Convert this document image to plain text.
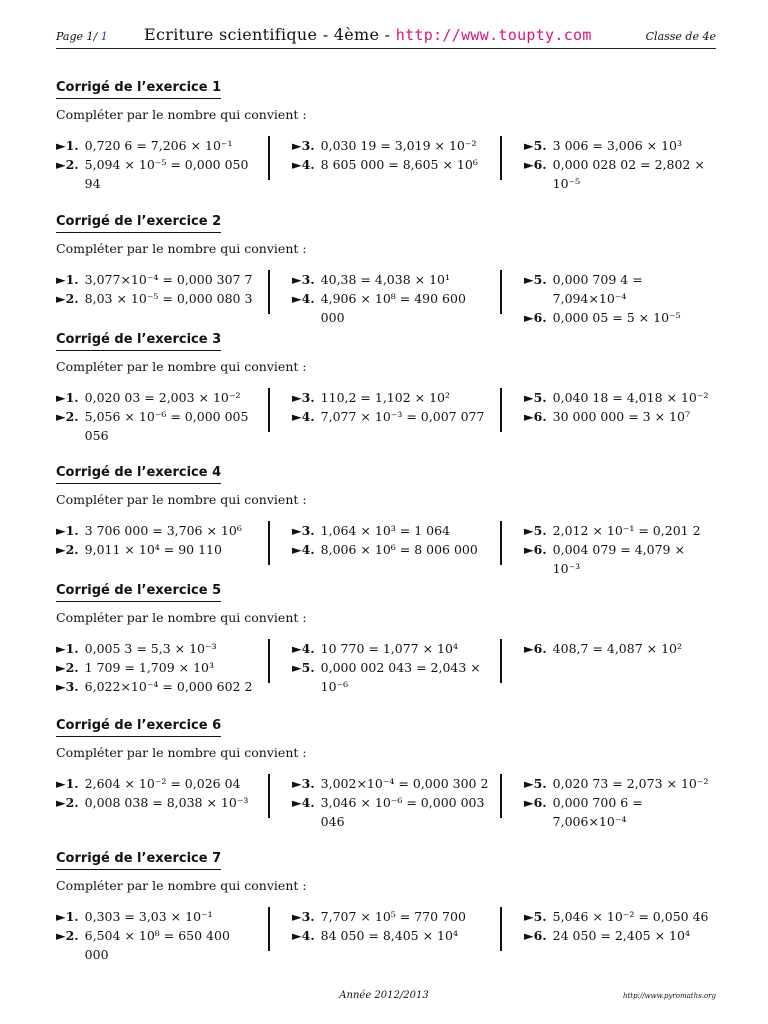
Page 1/ 1 Ecriture scientifique - 4ème - http://www.toupty.com	Classe de 4e
Corrigé de l’exercice 1
Compléter par le nombre qui convient :
►1. 0,720 6 = 7,206 × 10⁻¹
►2. 5,094 × 10⁻⁵ = 0,000 050 94
►3. 0,030 19 = 3,019 × 10⁻²
►4. 8 605 000 = 8,605 × 10⁶
►5. 3 006 = 3,006 × 10³
►6. 0,000 028 02 = 2,802 × 10⁻⁵
Corrigé de l’exercice 2
Compléter par le nombre qui convient :
►1. 3,077×10⁻⁴ = 0,000 307 7
►2. 8,03 × 10⁻⁵ = 0,000 080 3
►3. 40,38 = 4,038 × 10¹
►4. 4,906 × 10⁸ = 490 600 000
►5. 0,000 709 4 = 7,094×10⁻⁴
►6. 0,000 05 = 5 × 10⁻⁵
Corrigé de l’exercice 3
Compléter par le nombre qui convient :
►1. 0,020 03 = 2,003 × 10⁻²
►2. 5,056 × 10⁻⁶ = 0,000 005 056
►3. 110,2 = 1,102 × 10²
►4. 7,077 × 10⁻³ = 0,007 077
►5. 0,040 18 = 4,018 × 10⁻²
►6. 30 000 000 = 3 × 10⁷
Corrigé de l’exercice 4
Compléter par le nombre qui convient :
►1. 3 706 000 = 3,706 × 10⁶
►2. 9,011 × 10⁴ = 90 110
►3. 1,064 × 10³ = 1 064
►4. 8,006 × 10⁶ = 8 006 000
►5. 2,012 × 10⁻¹ = 0,201 2
►6. 0,004 079 = 4,079 × 10⁻³
Corrigé de l’exercice 5
Compléter par le nombre qui convient :
►1. 0,005 3 = 5,3 × 10⁻³
►2. 1 709 = 1,709 × 10³
►3. 6,022×10⁻⁴ = 0,000 602 2
►4. 10 770 = 1,077 × 10⁴
►5. 0,000 002 043 = 2,043 × 10⁻⁶
►6. 408,7 = 4,087 × 10²
Corrigé de l’exercice 6
Compléter par le nombre qui convient :
►1. 2,604 × 10⁻² = 0,026 04
►2. 0,008 038 = 8,038 × 10⁻³
►3. 3,002×10⁻⁴ = 0,000 300 2
►4. 3,046 × 10⁻⁶ = 0,000 003 046
►5. 0,020 73 = 2,073 × 10⁻²
►6. 0,000 700 6 = 7,006×10⁻⁴
Corrigé de l’exercice 7
Compléter par le nombre qui convient :
►1. 0,303 = 3,03 × 10⁻¹
►2. 6,504 × 10⁸ = 650 400 000
►3. 7,707 × 10⁵ = 770 700
►4. 84 050 = 8,405 × 10⁴
►5. 5,046 × 10⁻² = 0,050 46
►6. 24 050 = 2,405 × 10⁴
Année 2012/2013	http://www.pyromaths.org
